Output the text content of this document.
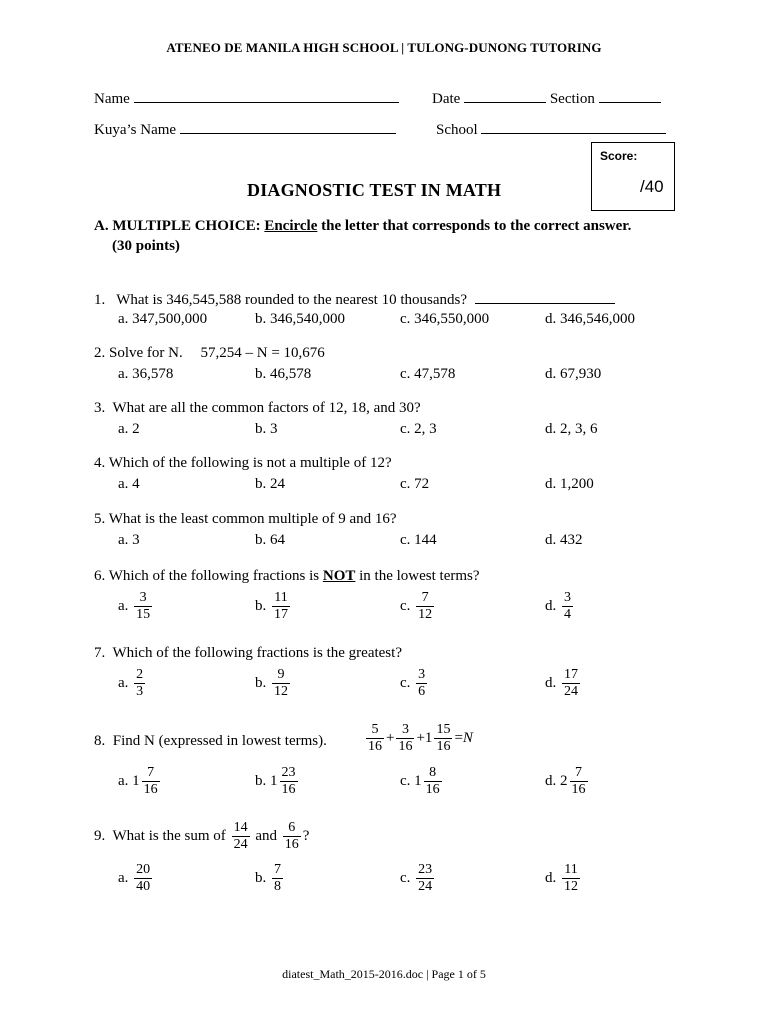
ATENEO DE MANILA HIGH SCHOOL | TULONG-DUNONG TUTORING
Name	Date	Section
Kuya’s Name	School
Score:
/40
DIAGNOSTIC TEST IN MATH
A. MULTIPLE CHOICE: Encircle the letter that corresponds to the correct answer.
(30 points)
1. What is 346,545,588 rounded to the nearest 10 thousands?
a. 347,500,000	b. 346,540,000	c. 346,550,000	d. 346,546,000
2. Solve for N. 57,254 – N = 10,676
a. 36,578	b. 46,578	c. 47,578	d. 67,930
3. What are all the common factors of 12, 18, and 30?
a. 2	b. 3	c. 2, 3	d. 2, 3, 6
4. Which of the following is not a multiple of 12?
a. 4	b. 24	c. 72	d. 1,200
5. What is the least common multiple of 9 and 16?
a. 3	b. 64	c. 144	d. 432
6. Which of the following fractions is NOT in the lowest terms?
a. $\frac{3}{15}$	b. $\frac{11}{17}$	c. $\frac{7}{12}$	d. $\frac{3}{4}$
7. Which of the following fractions is the greatest?
a. $\frac{2}{3}$	b. $\frac{9}{12}$	c. $\frac{3}{6}$	d. $\frac{17}{24}$
8. Find N (expressed in lowest terms).	$\frac{5}{16} + \frac{3}{16} +1 \frac{15}{16} =N$
a. $1 \frac{7}{16}$	b. $1 \frac{23}{16}$	c. $1 \frac{8}{16}$	d. $2 \frac{7}{16}$
9. What is the sum of $\frac{14}{24}$ and $\frac{6}{16}$ ?
a. $\frac{20}{40}$	b. $\frac{7}{8}$	c. $\frac{23}{24}$	d. $\frac{11}{12}$
diatest_Math_2015-2016.doc | Page 1 of 5
